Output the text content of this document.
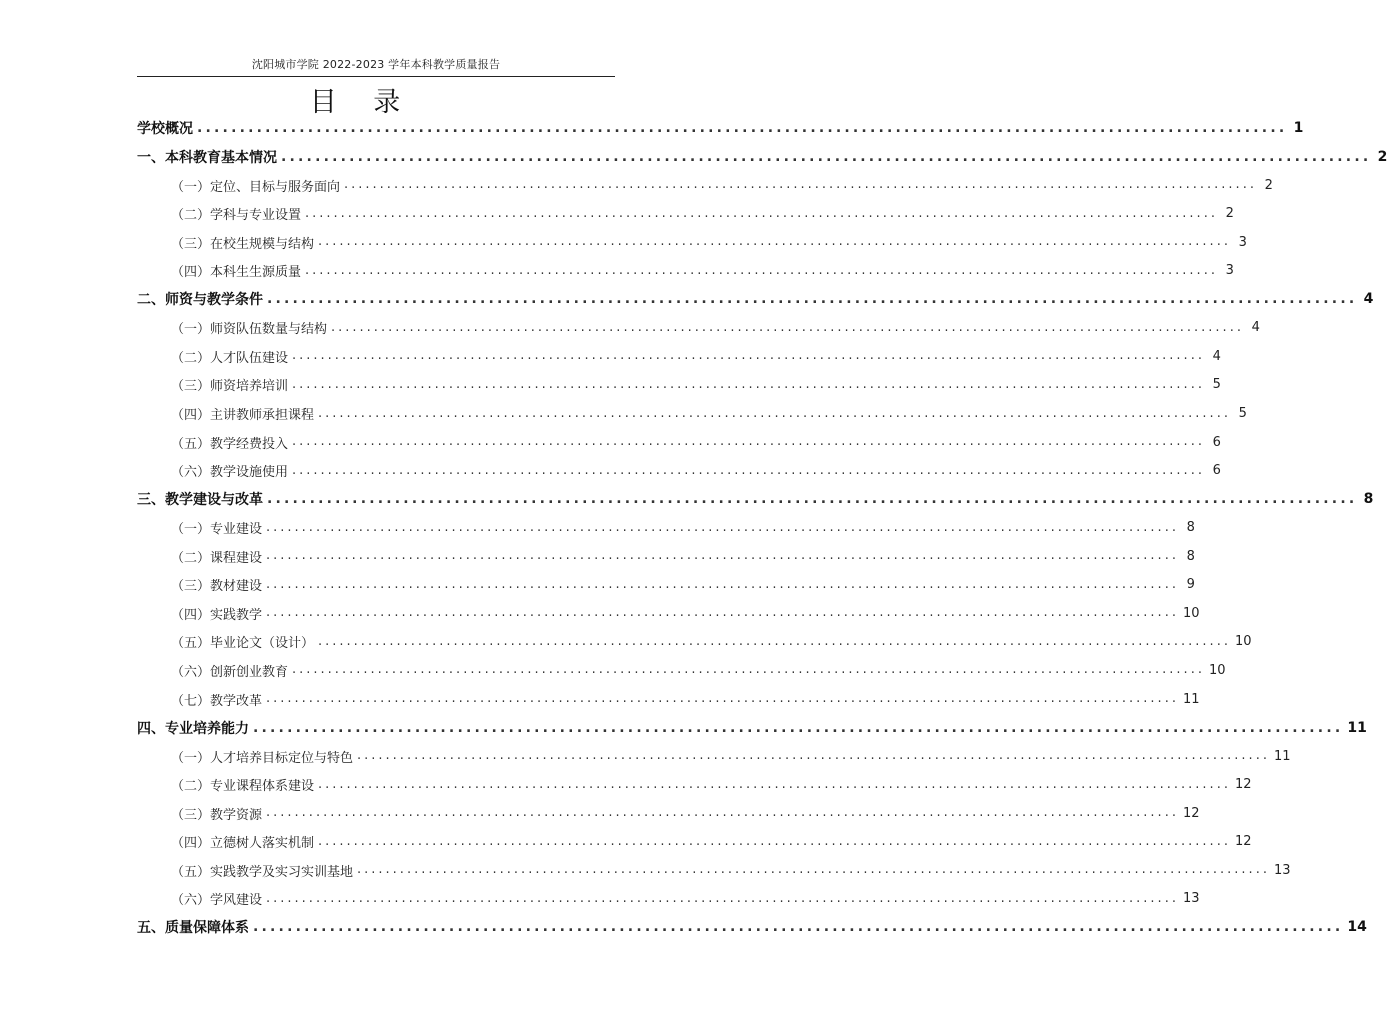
沈阳城市学院 2022-2023 学年本科教学质量报告
目 录
学校概况 ................................................................................................................................ 1
一、本科教育基本情况 ................................................................................................................................ 2
（一）定位、目标与服务面向 ................................................................................................................................ 2
（二）学科与专业设置 ................................................................................................................................ 2
（三）在校生规模与结构 ................................................................................................................................ 3
（四）本科生生源质量 ................................................................................................................................ 3
二、师资与教学条件 ................................................................................................................................ 4
（一）师资队伍数量与结构 ................................................................................................................................ 4
（二）人才队伍建设 ................................................................................................................................ 4
（三）师资培养培训 ................................................................................................................................ 5
（四）主讲教师承担课程 ................................................................................................................................ 5
（五）教学经费投入 ................................................................................................................................ 6
（六）教学设施使用 ................................................................................................................................ 6
三、教学建设与改革 ................................................................................................................................ 8
（一）专业建设 ................................................................................................................................ 8
（二）课程建设 ................................................................................................................................ 8
（三）教材建设 ................................................................................................................................ 9
（四）实践教学 ................................................................................................................................ 10
（五）毕业论文（设计） ................................................................................................................................ 10
（六）创新创业教育 ................................................................................................................................ 10
（七）教学改革 ................................................................................................................................ 11
四、专业培养能力 ................................................................................................................................ 11
（一）人才培养目标定位与特色 ................................................................................................................................ 11
（二）专业课程体系建设 ................................................................................................................................ 12
（三）教学资源 ................................................................................................................................ 12
（四）立德树人落实机制 ................................................................................................................................ 12
（五）实践教学及实习实训基地 ................................................................................................................................ 13
（六）学风建设 ................................................................................................................................ 13
五、质量保障体系 ................................................................................................................................ 14
